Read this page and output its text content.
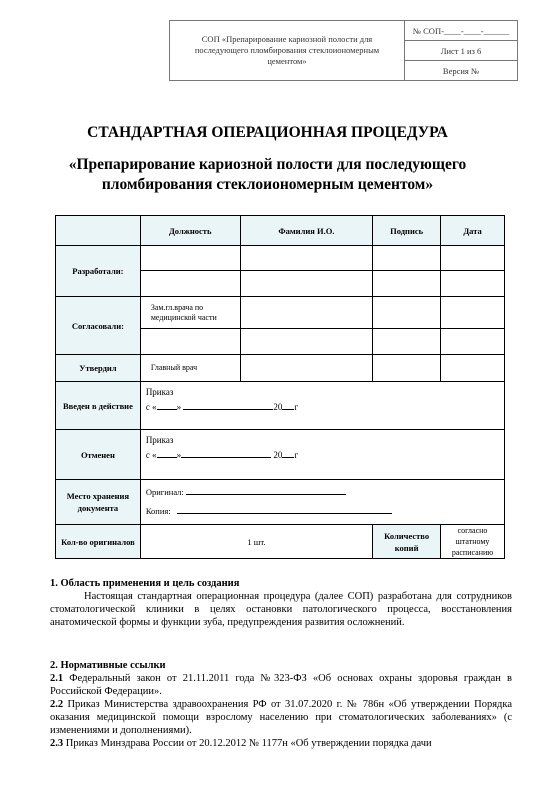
СОП «Препарирование кариозной полости для последующего пломбирования стеклоиономерным цементом»	№ СОП-____-____-______
Лист 1 из 6
Версия №
СТАНДАРТНАЯ ОПЕРАЦИОННАЯ ПРОЦЕДУРА
«Препарирование кариозной полости для последующего пломбирования стеклоиономерным цементом»
	Должность	Фамилия И.О.	Подпись	Дата
Разработали:				

Согласовали:	Зам.гл.врача по медицинской части			

Утвердил	Главный врач			
Введен в действие	Приказ
с « » 20 г			

Отменен	Приказ
с « » 20 г			

Место хранения документа	Оригинал:
Копия:			

Кол-во оригиналов	1 шт.		Количество копий	согласно штатному расписанию
1. Область применения и цель создания
Настоящая стандартная операционная процедура (далее СОП) разработана для сотрудников стоматологической клиники в целях остановки патологического процесса, восстановления анатомической формы и функции зуба, предупреждения развития осложнений.
2. Нормативные ссылки
2.1 Федеральный закон от 21.11.2011 года №323-ФЗ «Об основах охраны здоровья граждан в Российской Федерации».
2.2 Приказ Министерства здравоохранения РФ от 31.07.2020 г. № 786н «Об утверждении Порядка оказания медицинской помощи взрослому населению при стоматологических заболеваниях» (с изменениями и дополнениями).
2.3 Приказ Минздрава России от 20.12.2012 № 1177н «Об утверждении порядка дачи
